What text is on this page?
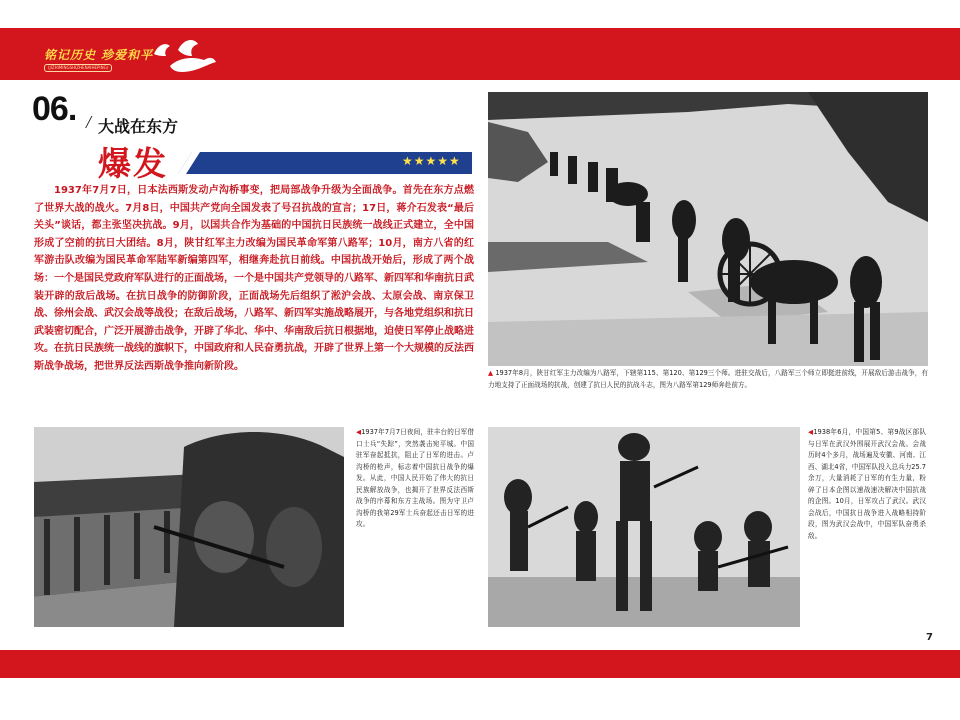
铭记历史 珍爱和平
(JIZHIMINGSHIZHENAIHEPING)
06. / 大战在东方
爆发	★★★★★

1937年7月7日，日本法西斯发动卢沟桥事变，把局部战争升级为全面战争。首先在东方点燃了世界大战的战火。7月8日，中国共产党向全国发表了号召抗战的宣言；17日，蒋介石发表“最后关头”谈话，都主张坚决抗战。9月，以国共合作为基础的中国抗日民族统一战线正式建立，全中国形成了空前的抗日大团结。8月，陕甘红军主力改编为国民革命军第八路军；10月，南方八省的红军游击队改编为国民革命军陆军新编第四军，相继奔赴抗日前线。中国抗战开始后，形成了两个战场：一个是国民党政府军队进行的正面战场，一个是中国共产党领导的八路军、新四军和华南抗日武装开辟的敌后战场。在抗日战争的防御阶段，正面战场先后组织了淞沪会战、太原会战、南京保卫战、徐州会战、武汉会战等战役；在敌后战场，八路军、新四军实施战略展开，与各地党组织和抗日武装密切配合，广泛开展游击战争，开辟了华北、华中、华南敌后抗日根据地，迫使日军停止战略进攻。在抗日民族统一战线的旗帜下，中国政府和人民奋勇抗战，开辟了世界上第一个大规模的反法西斯战争战场，把世界反法西斯战争推向新阶段。

▲ 1937年8月，陕甘红军主力改编为八路军，下辖第115、第120、第129三个师。进驻交战后，八路军三个师立即挺进前线，开展敌后游击战争，有力地支持了正面战场的抗战，创建了抗日人民的抗战斗志，图为八路军第129师奔赴前方。

◀1937年7月7日夜间，驻丰台的日军借口士兵“失踪”，突然袭击宛平城。中国驻军奋起抵抗，阻止了日军的进击。卢沟桥的枪声，标志着中国抗日战争的爆发。从此，中国人民开始了伟大的抗日民族解放战争，也揭开了世界反法西斯战争的序幕和东方主战场。图为守卫卢沟桥的我第29军士兵奋起还击日军的进攻。

◀1938年6月，中国第5、第9战区部队与日军在武汉外围展开武汉会战。会战历时4个多月，战场遍及安徽、河南、江西、湖北4省，中国军队投入总兵力25.7余万，大量消耗了日军的有生力量，粉碎了日本企图以速战速决解决中国抗战的企图。10月，日军攻占了武汉。武汉会战后，中国抗日战争进入战略相持阶段，图为武汉会战中，中国军队奋勇杀敌。

7
